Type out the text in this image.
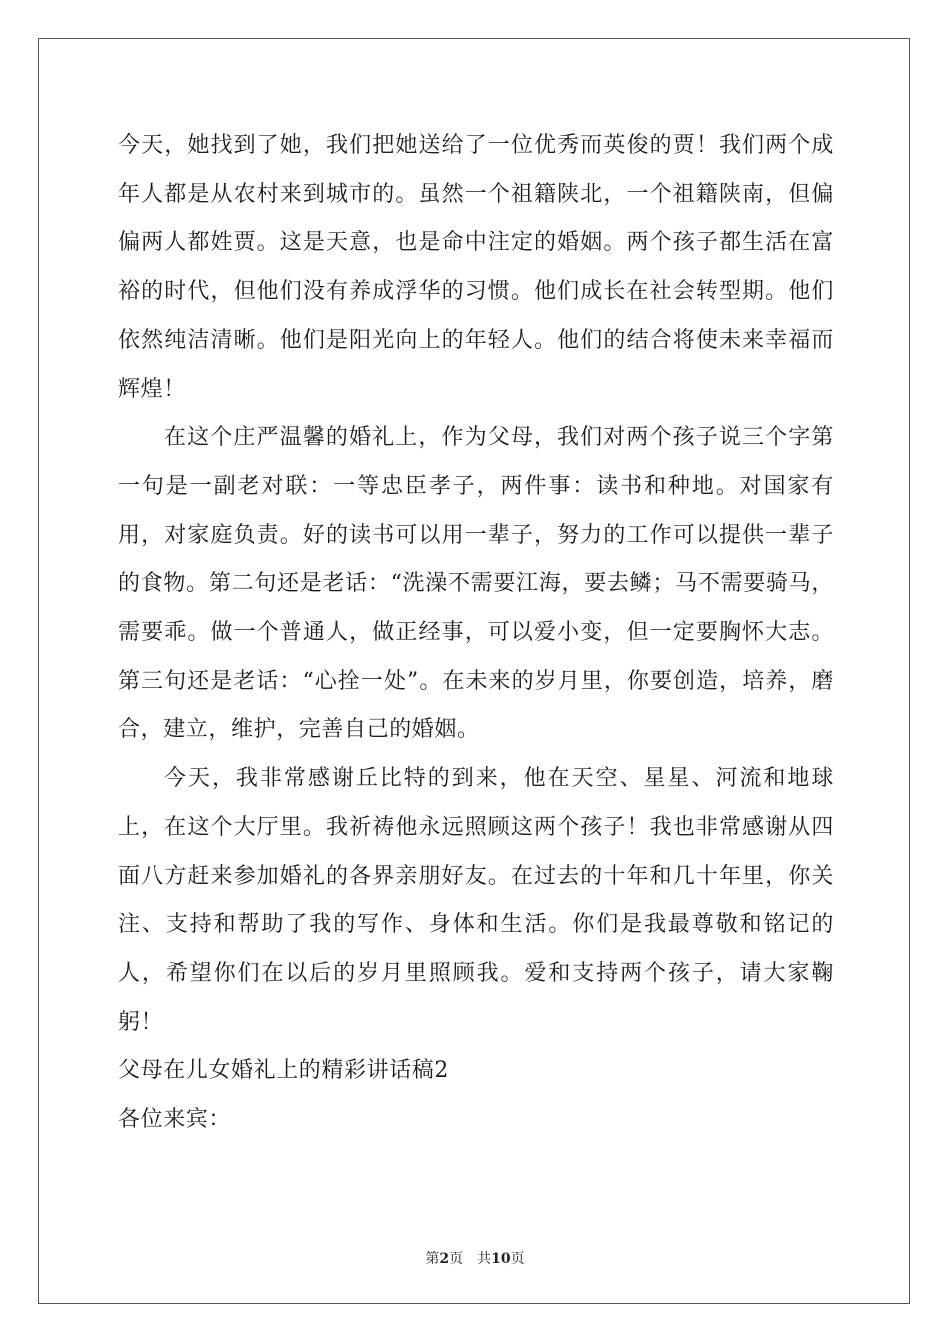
今天，她找到了她，我们把她送给了一位优秀而英俊的贾！我们两个成年人都是从农村来到城市的。虽然一个祖籍陕北，一个祖籍陕南，但偏偏两人都姓贾。这是天意，也是命中注定的婚姻。两个孩子都生活在富裕的时代，但他们没有养成浮华的习惯。他们成长在社会转型期。他们依然纯洁清晰。他们是阳光向上的年轻人。他们的结合将使未来幸福而辉煌！

在这个庄严温馨的婚礼上，作为父母，我们对两个孩子说三个字第一句是一副老对联：一等忠臣孝子，两件事：读书和种地。对国家有用，对家庭负责。好的读书可以用一辈子，努力的工作可以提供一辈子的食物。第二句还是老话：“洗澡不需要江海，要去鳞；马不需要骑马，需要乖。做一个普通人，做正经事，可以爱小变，但一定要胸怀大志。第三句还是老话：“心拴一处”。在未来的岁月里，你要创造，培养，磨合，建立，维护，完善自己的婚姻。

今天，我非常感谢丘比特的到来，他在天空、星星、河流和地球上，在这个大厅里。我祈祷他永远照顾这两个孩子！我也非常感谢从四面八方赶来参加婚礼的各界亲朋好友。在过去的十年和几十年里，你关注、支持和帮助了我的写作、身体和生活。你们是我最尊敬和铭记的人，希望你们在以后的岁月里照顾我。爱和支持两个孩子，请大家鞠躬！

父母在儿女婚礼上的精彩讲话稿2

各位来宾：

第2页 共10页
